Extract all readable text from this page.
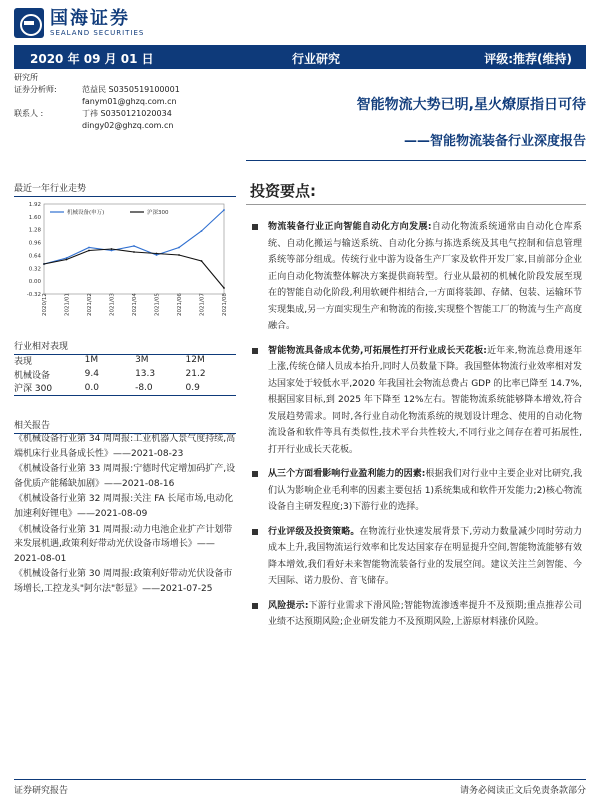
国海证券
SEALAND SECURITIES
2020 年 09 月 01 日	行业研究	评级:推荐(维持)
研究所
证券分析师:	范益民 S0350519100001
fanym01@ghzq.com.cn
联系人 :	丁祎 S0350121020034
dingy02@ghzq.com.cn
智能物流大势已明,星火燎原指日可待
——智能物流装备行业深度报告
最近一年行业走势
-0.32
0.00
0.32
0.64
0.96
1.28
1.60
1.92
2020/12	2021/01	2021/02	2021/03	2021/04	2021/05	2021/06	2021/07	2021/08
机械设备(申万)	沪深300
行业相对表现
表现	1M	3M	12M
机械设备	9.4	13.3	21.2
沪深 300	0.0	-8.0	0.9
相关报告
《机械设备行业第 34 周周报:工业机器人景气度持续,高端机床行业具备成长性》——2021-08-23
《机械设备行业第 33 周周报:宁德时代定增加码扩产,设备优质产能稀缺加剧》——2021-08-16
《机械设备行业第 32 周周报:关注 FA 长尾市场,电动化加速利好锂电》——2021-08-09
《机械设备行业第 31 周周报:动力电池企业扩产计划带来发展机遇,政策利好带动光伏设备市场增长》——2021-08-01
《机械设备行业第 30 周周报:政策利好带动光伏设备市场增长,工控龙头"阿尔法"彰显》——2021-07-25
投资要点:
物流装备行业正向智能自动化方向发展:自动化物流系统通常由自动化仓库系统、自动化搬运与输送系统、自动化分拣与拣选系统及其电气控制和信息管理系统等部分组成。传统行业中游为设备生产厂家及软件开发厂家,目前部分企业正向自动化物流整体解决方案提供商转型。行业从最初的机械化阶段发展至现在的智能自动化阶段,利用软硬件相结合,一方面将装卸、存储、包装、运输环节实现集成,另一方面实现生产和物流的衔接,实现整个智能工厂的物流与生产高度融合。
智能物流具备成本优势,可拓展性打开行业成长天花板:近年来,物流总费用逐年上涨,传统仓储人员成本抬升,同时人员数量下降。我国整体物流行业效率相对发达国家处于较低水平,2020 年我国社会物流总费占 GDP 的比率已降至 14.7%,根据国家目标,到 2025 年下降至 12%左右。智能物流系统能够降本增效,符合发展趋势需求。同时,各行业自动化物流系统的规划设计理念、使用的自动化物流设备和软件等具有类似性,技术平台共性较大,不同行业之间存在着可拓展性,打开行业成长天花板。
从三个方面看影响行业盈利能力的因素:根据我们对行业中主要企业对比研究,我们认为影响企业毛利率的因素主要包括 1)系统集成和软件开发能力;2)核心物流设备自主研发程度;3)下游行业的选择。
行业评级及投资策略。在物流行业快速发展背景下,劳动力数量减少同时劳动力成本上升,我国物流运行效率和比发达国家存在明显提升空间,智能物流能够有效降本增效,我们看好未来智能物流装备行业的发展空间。建议关注兰剑智能、今天国际、诺力股份、音飞储存。
风险提示:下游行业需求下滑风险;智能物流渗透率提升不及预期;重点推荐公司业绩不达预期风险;企业研发能力不及预期风险,上游原材料涨价风险。
证券研究报告	请务必阅读正文后免责条款部分
